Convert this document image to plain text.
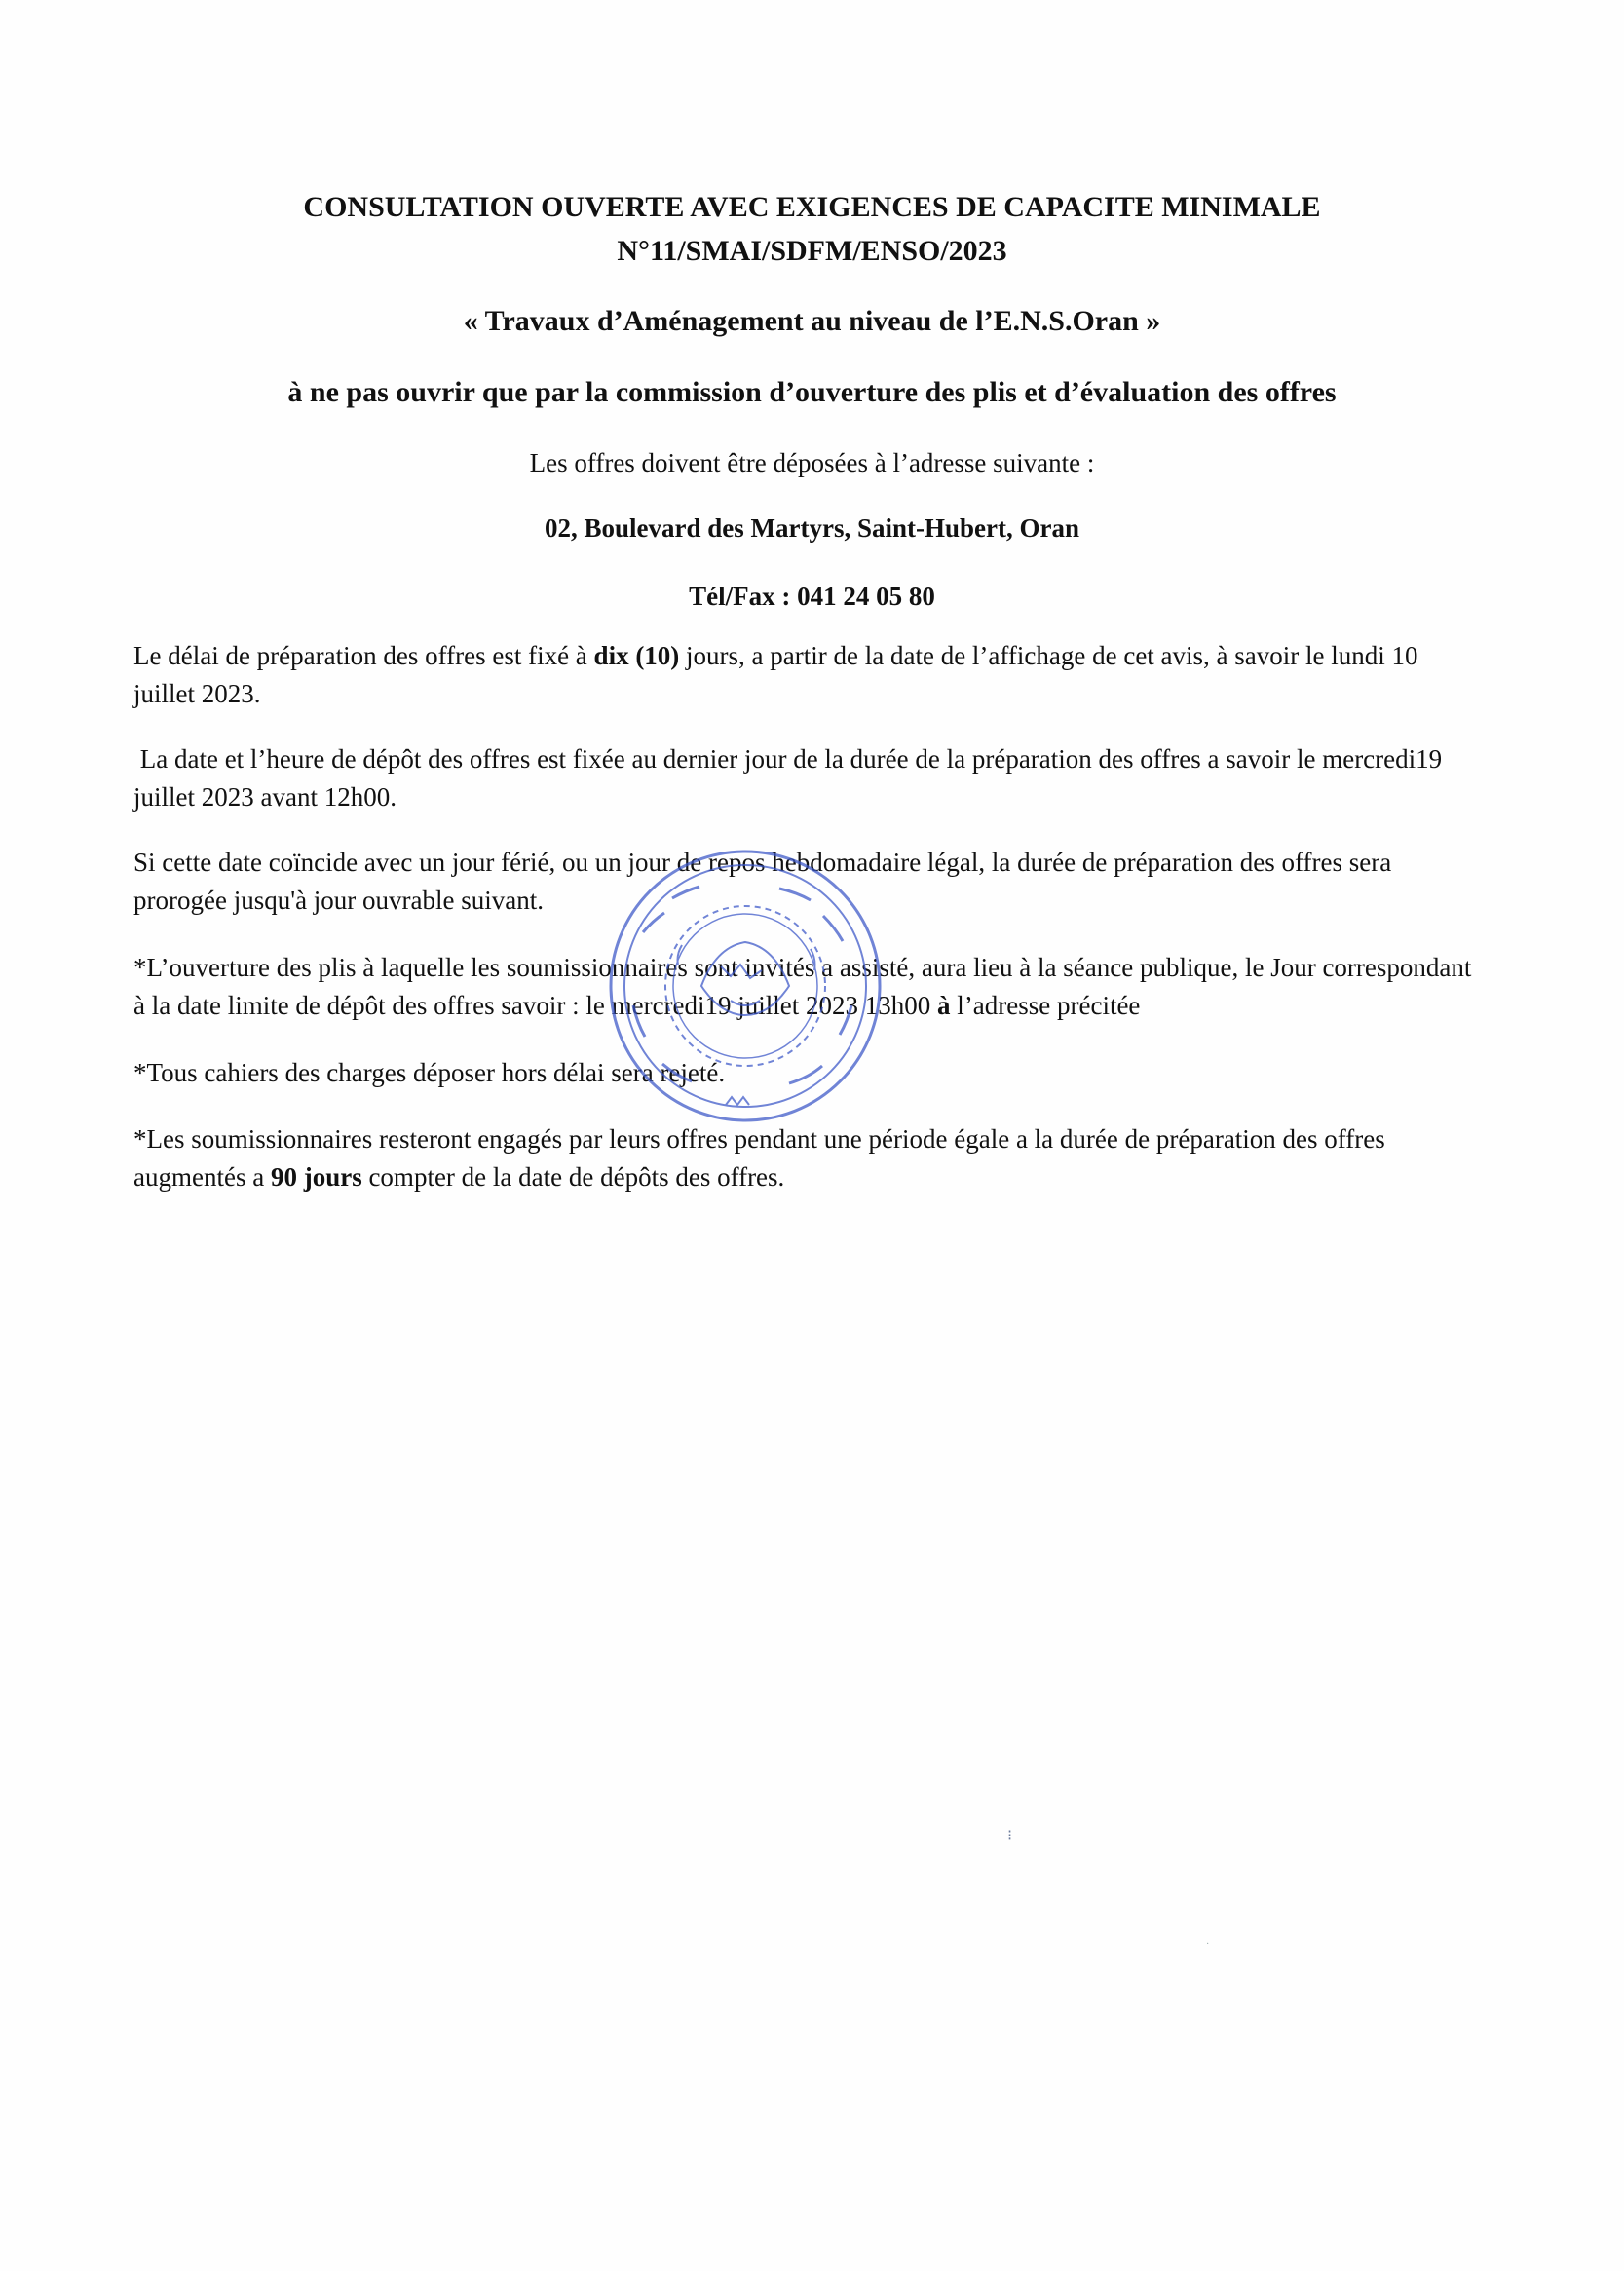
CONSULTATION OUVERTE AVEC EXIGENCES DE CAPACITE MINIMALE
N°11/SMAI/SDFM/ENSO/2023
« Travaux d’Aménagement au niveau de l’E.N.S.Oran »
à ne pas ouvrir que par la commission d’ouverture des plis et d’évaluation des offres
Les offres doivent être déposées à l’adresse suivante :
02, Boulevard des Martyrs, Saint-Hubert, Oran
Tél/Fax : 041 24 05 80
Le délai de préparation des offres est fixé à dix (10) jours, a partir de la date de l’affichage de cet avis, à savoir le lundi 10 juillet 2023.
La date et l’heure de dépôt des offres est fixée au dernier jour de la durée de la préparation des offres a savoir le mercredi19 juillet 2023 avant 12h00.
Si cette date coïncide avec un jour férié, ou un jour de repos hebdomadaire légal, la durée de préparation des offres sera prorogée jusqu'à jour ouvrable suivant.
*L’ouverture des plis à laquelle les soumissionnaires sont invités a assisté, aura lieu à la séance publique, le Jour correspondant à la date limite de dépôt des offres savoir : le mercredi19 juillet 2023 13h00 à l’adresse précitée
*Tous cahiers des charges déposer hors délai sera rejeté.
*Les soumissionnaires resteront engagés par leurs offres pendant une période égale a la durée de préparation des offres augmentés a 90 jours compter de la date de dépôts des offres.
⁝
·
